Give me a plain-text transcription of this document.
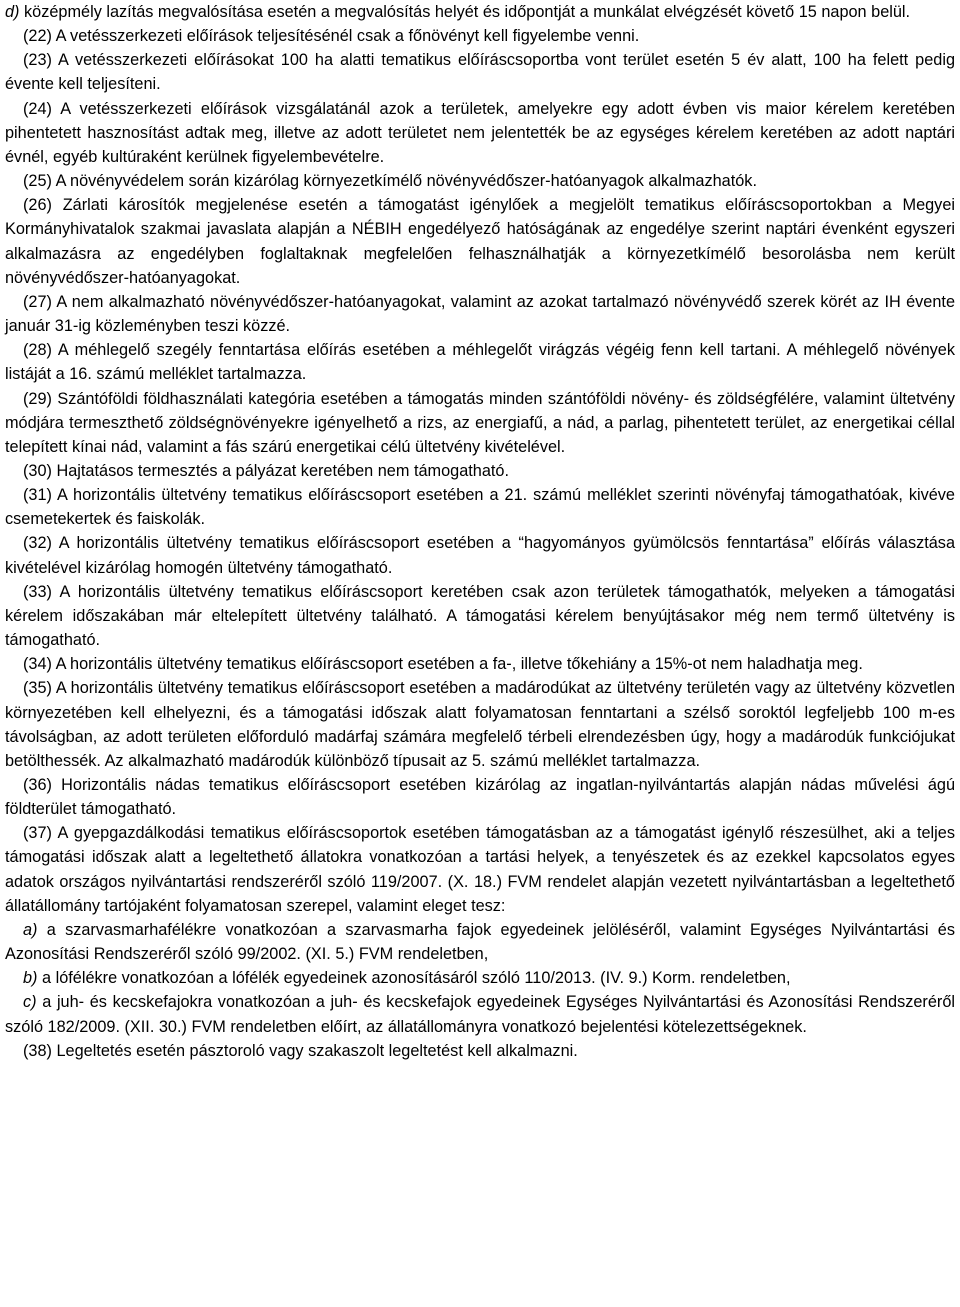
d) középmély lazítás megvalósítása esetén a megvalósítás helyét és időpontját a munkálat elvégzését követő 15 napon belül.

(22) A vetésszerkezeti előírások teljesítésénél csak a főnövényt kell figyelembe venni.

(23) A vetésszerkezeti előírásokat 100 ha alatti tematikus előíráscsoportba vont terület esetén 5 év alatt, 100 ha felett pedig évente kell teljesíteni.

(24) A vetésszerkezeti előírások vizsgálatánál azok a területek, amelyekre egy adott évben vis maior kérelem keretében pihentetett hasznosítást adtak meg, illetve az adott területet nem jelentették be az egységes kérelem keretében az adott naptári évnél, egyéb kultúraként kerülnek figyelembevételre.

(25) A növényvédelem során kizárólag környezetkímélő növényvédőszer-hatóanyagok alkalmazhatók.

(26) Zárlati károsítók megjelenése esetén a támogatást igénylőek a megjelölt tematikus előíráscsoportokban a Megyei Kormányhivatalok szakmai javaslata alapján a NÉBIH engedélyező hatóságának az engedélye szerint naptári évenként egyszeri alkalmazásra az engedélyben foglaltaknak megfelelően felhasználhatják a környezetkímélő besorolásba nem került növényvédőszer-hatóanyagokat.

(27) A nem alkalmazható növényvédőszer-hatóanyagokat, valamint az azokat tartalmazó növényvédő szerek körét az IH évente január 31-ig közleményben teszi közzé.

(28) A méhlegelő szegély fenntartása előírás esetében a méhlegelőt virágzás végéig fenn kell tartani. A méhlegelő növények listáját a 16. számú melléklet tartalmazza.

(29) Szántóföldi földhasználati kategória esetében a támogatás minden szántóföldi növény- és zöldségfélére, valamint ültetvény módjára termeszthető zöldségnövényekre igényelhető a rizs, az energiafű, a nád, a parlag, pihentetett terület, az energetikai céllal telepített kínai nád, valamint a fás szárú energetikai célú ültetvény kivételével.

(30) Hajtatásos termesztés a pályázat keretében nem támogatható.

(31) A horizontális ültetvény tematikus előíráscsoport esetében a 21. számú melléklet szerinti növényfaj támogathatóak, kivéve csemetekertek és faiskolák.

(32) A horizontális ültetvény tematikus előíráscsoport esetében a “hagyományos gyümölcsös fenntartása” előírás választása kivételével kizárólag homogén ültetvény támogatható.

(33) A horizontális ültetvény tematikus előíráscsoport keretében csak azon területek támogathatók, melyeken a támogatási kérelem időszakában már eltelepített ültetvény található. A támogatási kérelem benyújtásakor még nem termő ültetvény is támogatható.

(34) A horizontális ültetvény tematikus előíráscsoport esetében a fa-, illetve tőkehiány a 15%-ot nem haladhatja meg.

(35) A horizontális ültetvény tematikus előíráscsoport esetében a madárodúkat az ültetvény területén vagy az ültetvény közvetlen környezetében kell elhelyezni, és a támogatási időszak alatt folyamatosan fenntartani a szélső soroktól legfeljebb 100 m-es távolságban, az adott területen előforduló madárfaj számára megfelelő térbeli elrendezésben úgy, hogy a madárodúk funkciójukat betölthessék. Az alkalmazható madárodúk különböző típusait az 5. számú melléklet tartalmazza.

(36) Horizontális nádas tematikus előíráscsoport esetében kizárólag az ingatlan-nyilvántartás alapján nádas művelési ágú földterület támogatható.

(37) A gyepgazdálkodási tematikus előíráscsoportok esetében támogatásban az a támogatást igénylő részesülhet, aki a teljes támogatási időszak alatt a legeltethető állatokra vonatkozóan a tartási helyek, a tenyészetek és az ezekkel kapcsolatos egyes adatok országos nyilvántartási rendszeréről szóló 119/2007. (X. 18.) FVM rendelet alapján vezetett nyilvántartásban a legeltethető állatállomány tartójaként folyamatosan szerepel, valamint eleget tesz:

a) a szarvasmarhafélékre vonatkozóan a szarvasmarha fajok egyedeinek jelöléséről, valamint Egységes Nyilvántartási és Azonosítási Rendszeréről szóló 99/2002. (XI. 5.) FVM rendeletben,

b) a lófélékre vonatkozóan a lófélék egyedeinek azonosításáról szóló 110/2013. (IV. 9.) Korm. rendeletben,

c) a juh- és kecskefajokra vonatkozóan a juh- és kecskefajok egyedeinek Egységes Nyilvántartási és Azonosítási Rendszeréről szóló 182/2009. (XII. 30.) FVM rendeletben előírt, az állatállományra vonatkozó bejelentési kötelezettségeknek.

(38) Legeltetés esetén pásztoroló vagy szakaszolt legeltetést kell alkalmazni.
